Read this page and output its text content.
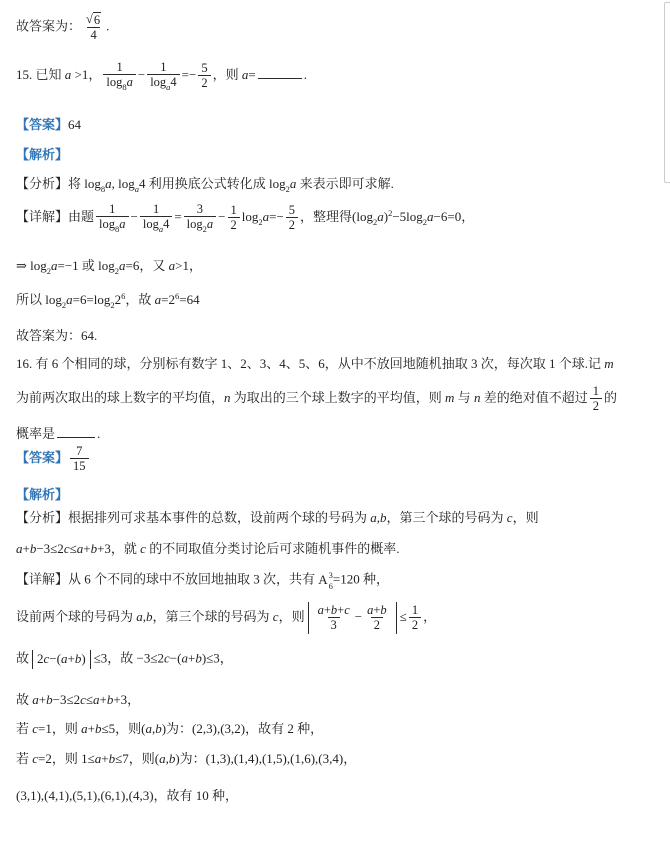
故答案为： $\frac{√ 6}{4}$ .
15. 已知 a >1， $\frac{1}{\log_8a} - \frac{1}{\log_a4} =- \frac{5}{2}$ ，则 a=	.
【答案】64
【解析】
【分析】将 $\log_8a$, $\log_a4$ 利用换底公式转化成 $\log_2a$ 来表示即可求解.
【详解】由题 $\frac{1}{\log_8a} - \frac{1}{\log_a4} = \frac{3}{\log_2a} - \frac{1}{2} \log_2a=- \frac{5}{2}$ ，整理得$(\log_2a)^2-5\log_2a-6=0$，
⇒ $\log_2a=-1$ 或 $\log_2a=6$，又 a>1，
所以 $\log_2a=6=\log_22^6$，故 $a=2^6=64$
故答案为：64.
16. 有 6 个相同的球，分别标有数字 1、2、3、4、5、6，从中不放回地随机抽取 3 次，每次取 1 个球.记 m
为前两次取出的球上数字的平均值，n 为取出的三个球上数字的平均值，则 m 与 n 差的绝对值不超过 $\frac{1}{2}$ 的
概率是	.
【答案】 $\frac{7}{15}$
【解析】
【分析】根据排列可求基本事件的总数，设前两个球的号码为 a,b，第三个球的号码为 c，则
a+b−3≤2c≤a+b+3，就 c 的不同取值分类讨论后可求随机事件的概率.
【详解】从 6 个不同的球中不放回地抽取 3 次，共有 A 3
6 =120 种，
设前两个球的号码为 a,b，第三个球的号码为 c，则 $\frac{a+b+c}{3} - \frac{a+b}{2} \le \frac{1}{2}$ ，
故 2 c −( a + b ) ≤3，故 −3≤2c−(a+b)≤3，
故 a+b−3≤2c≤a+b+3，
若 c=1，则 a+b≤5，则(a,b)为：(2,3),(3,2)，故有 2 种，
若 c=2，则 1≤a+b≤7，则(a,b)为：(1,3),(1,4),(1,5),(1,6),(3,4)，
(3,1),(4,1),(5,1),(6,1),(4,3)，故有 10 种，
